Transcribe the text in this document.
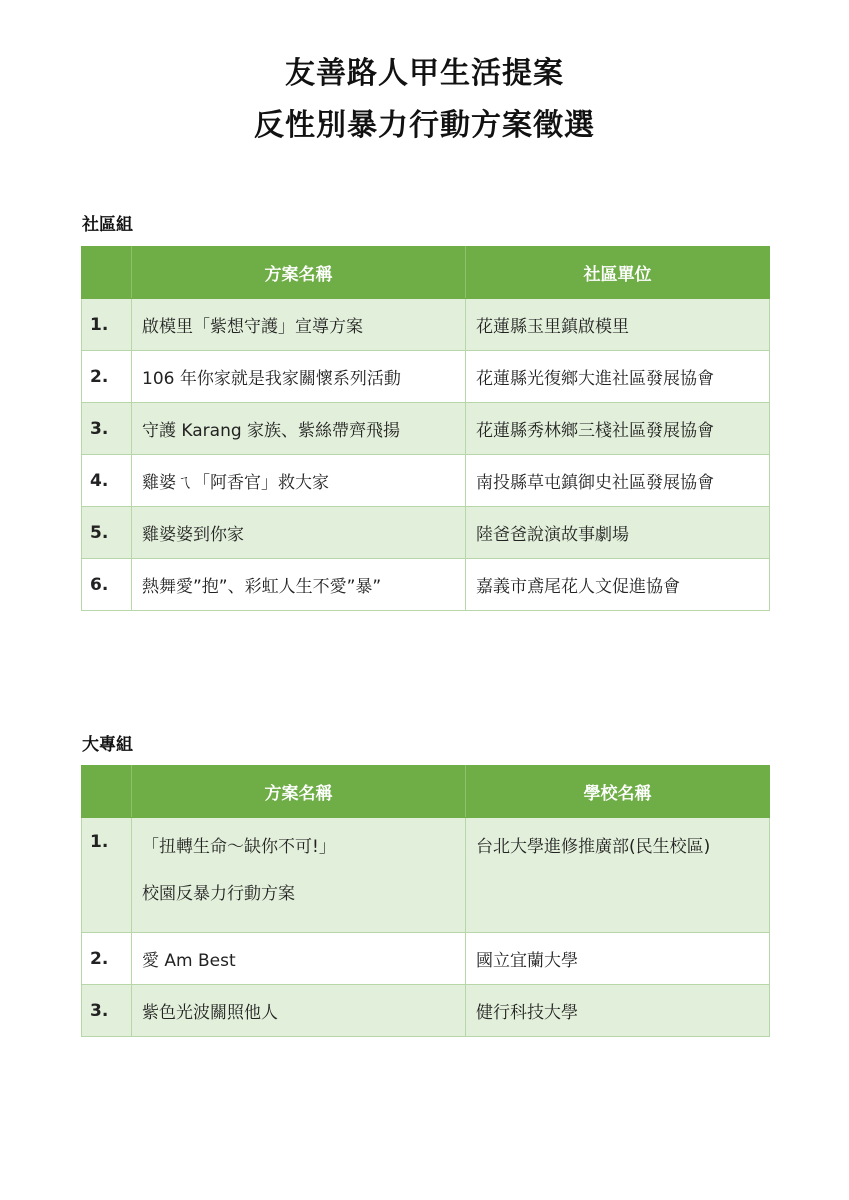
友善路人甲生活提案
反性別暴力行動方案徵選
社區組
	方案名稱	社區單位
1.	啟模里「紫想守護」宣導方案	花蓮縣玉里鎮啟模里
2.	106 年你家就是我家關懷系列活動	花蓮縣光復鄉大進社區發展協會
3.	守護 Karang 家族、紫絲帶齊飛揚	花蓮縣秀林鄉三棧社區發展協會
4.	雞婆ㄟ「阿香官」救大家	南投縣草屯鎮御史社區發展協會
5.	雞婆婆到你家	陸爸爸說演故事劇場
6.	熱舞愛”抱”、彩虹人生不愛”暴”	嘉義市鳶尾花人文促進協會
大專組
	方案名稱	學校名稱
1.	「扭轉生命～缺你不可!」
校園反暴力行動方案	台北大學進修推廣部(民生校區)
2.	愛 Am Best	國立宜蘭大學
3.	紫色光波關照他人	健行科技大學
